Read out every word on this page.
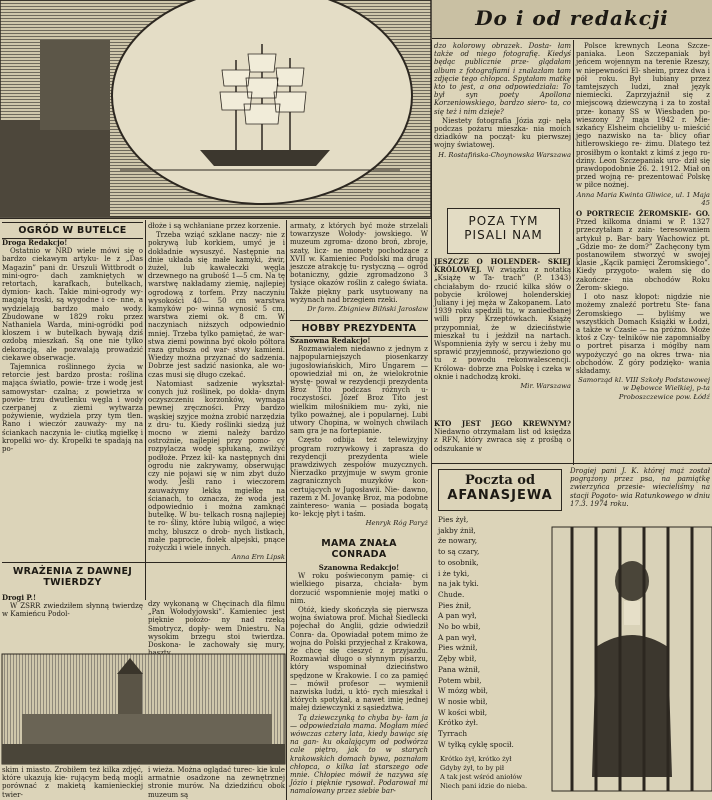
Do i od redakcji

dzo kolorowy obrazek. Dosta- łam także od niego fotografię. Kiedyś będąc publicznie prze- glądałam album z fotografiami i znalazłam tam zdjęcie tego chłopca. Spytałam matkę kto to jest, a ona odpowiedziała: To był syn poety Apollona Korzeniowskiego, bardzo siero- ta, co się też i nim dzieje?

Niestety fotografia Józia zgi- nęła podczas pożaru mieszka- nia moich dziadków na począt- ku pierwszej wojny światowej.

H. Rostafińska-Choynowska Warszawa

Polsce krewnych Leona Szcze- paniaka. Leon Szczepaniak był jeńcem wojennym na terenie Rzeszy, w niepewności El- sheim, przez dwa i pół roku. Był lubiany przez tamtejszych ludzi, znał język niemiecki. Zaprzyjaźnił się z miejscową dziewczyną i za to został prze- konany SS w Wiesbaden po- wieszony 27 maja 1942 r. Mie- szkańcy Elsheim chcieliby u- mieścić jego nazwisko na ta- blicy ofiar hitlerowskiego re- żimu. Dlatego też prosiłbym o kontakt z kimś z jego ro- dziny. Leon Szczepaniak uro- dził się prawdopodobnie 26. 2. 1912. Miał on przed wojną re- prezentować Polskę w piłce nożnej.

Anna Maria Kwinta Gliwice, ul. 1 Maja 45

O PORTRECIE ŻEROMSKIE- GO. Przed kilkoma dniami w P. 1327 przeczytałam z zain- teresowaniem artykuł p. Bar- bary Wachowicz pt. „Gdzie mo- że dom?” Zachęcony tym postanowiłem stworzyć w swojej klasie „Kącik pamięci Żeromskiego”. Kiedy przygoto- wałem się do zakończe- nia obchodów Roku Żerom- skiego.

I oto nasz kłopot: nigdzie nie możemy znaleźć portretu Ste- fana Żeromskiego — byliśmy we wszystkich Domach Książki w Łodzi, a także w Czasie — na próżno. Może ktoś z Czy- telników nie zapomniałby o portret pisarza i mógłby nam wypożyczyć go na okres trwa- nia obchodów. Z góry podzięko- wania składamy.

Samorząd kl. VIII Szkoły Podstawowej w Dębowce Wielkiej, p-ta Proboszczewice pow. Łódź
POZA TYM
PISALI NAM

JESZCZE O HOLENDER- SKIEJ KRÓLOWEJ. W związku z notatką „Książę w Ta- trach” (P. 1343) chciałabym do- rzucić kilka słów o pobycie królowej holenderskiej Juliany i jej męża w Zakopanem. Lato 1939 roku spędzili tu, w zaniedbanej willi przy Krzeptówkach. Książę przypomniał, że w dzieciństwie mieszkał tu i jeździł na nartach. Wspomnienia żyły w sercu i żeby mu sprawić przyjemność, przywieziono go tu z powodu rekonwalescencji. Królowa- dobrze zna Polskę i czeka w oknie i nadchodzą kroki.

Mir. Warszawa

KTO JEST JEGO KREWNYM? Niedawno otrzymałam list od księdza z RFN, który zwraca się z prośbą o odszukanie w

OGRÓD W BUTELCE
Droga Redakcjo!

Ostatnio w NRD wiele mówi się o bardzo ciekawym artyku- le z „Das Magazin” pani dr. Urszuli Wittbrodt o mini-ogro- dach zamkniętych w retortach, karafkach, butelkach, dymion- kach. Takie mini-ogrody wy- magają troski, są wygodne i ce- nne, a wydzielają bardzo mało wody. Zbudowane w 1829 roku przez Nathaniela Warda, mini-ogródki pod kloszem i w butelkach bywają dziś ozdobą mieszkań. Są one nie tylko dekoracją, ale pozwalają prowadzić ciekawe obserwacje.

Tajemnica roślinnego życia w retorcie jest bardzo prosta: roślina mająca światło, powie- trze i wodę jest samowystar- czalna; z powietrza w powie- trzu dwutlenku węgla i wody czerpanej z ziemi wytwarza pożywienie, wydziela przy tym tlen. Rano i wieczór zauważy- my na ściankach naczynia le- ciutką mgiełkę i kropelki wo- dy. Kropelki te spadają na po-

dłoże i są wchłaniane przez korzenie.

Trzeba wziąć szklane naczy- nie z pokrywą lub korkiem, umyć je i dokładnie wysuszyć. Następnie na dnie układa się małe kamyki, żwir, żużel, lub kawałeczki węgla drzewnego na grubość 1—5 cm. Na tę warstwę nakładamy ziemię, najlepiej ogrodową z torfem. Przy naczyniu wysokości 40— 50 cm warstwa kamyków po- winna wynosić 5 cm, warstwa ziemi ok. 8 cm. W naczyniach niższych odpowiednio mniej. Trzeba tylko pamiętać, że war- stwa ziemi powinna być około półtora raza grubsza od war- stwy kamieni. Wiedzy można przyznać do sadzenia. Dobrze jest sadzić nasionka, ale wo- czas musi się długo czekać.

Natomiast sadzenie wykształ- conych już roślinek, po dokła- dnym oczyszczeniu korzonków, wymaga pewnej zręczności. Przy bardzo wąskiej szyjce można zrobić narzędzia z dru- tu. Kiedy roślinki siedzą już mocno w ziemi należy bardzo ostrożnie, najlepiej przy pomo- cy rozpylacza wodę spłukaną, zwilżyć podłoże. Przez kil- ka następnych dni ogrodu nie zakrywamy, obserwując czy nie pojawi się w nim zbyt dużo wody. Jeśli rano i wieczorem zauważymy lekką mgiełkę na ścianach, to oznacza, że woda jest odpowiednio i można zamknąć butelkę. W bu- telkach rosną najlepiej te ro- śliny, które lubią wilgoć, a więc mchy, bluszcz o drob- nych listkach, małe paprocie, fiołek alpejski, pnące rożyczki i wiele innych.

Anna Ern Lipsk

armaty, z których być może strzelali towarzysze Wołody- jowskiego. W muzeum zgroma- dzono broń, zbroje, szaty, licz- ne monety pochodzące z XVII w. Kamieniec Podolski ma druga jeszcze atrakcję tu- rystyczną — ogród botaniczny, gdzie zgromadzono 3 tysiące okazów roślin z całego świata. Także piękny park usytuowany na wyżynach nad brzegiem rzeki.

Dr farm. Zbigniew Bilński Jarosław
HOBBY PREZYDENTA
Szanowna Redakcjo!

Rozmawiałem niedawno z jednym z najpopularniejszych piosenkarzy jugosłowiańskich, Miro Ungarem — opowiedział mi on, że wielokrotnie wystę- pował w rezydencji prezydenta Broz Tito podczas różnych u- roczystości. Józef Broz Tito jest wielkim miłośnikiem mu- zyki, nie tylko poważnej, ale i popularnej. Lubi utwory Chopina, w wolnych chwilach sam gra je na fortepianie.

Często odbija też telewizyjny program rozrywkowy i zaprasza do rezydencji prezydenta wiele prawdziwych zespołów muzycznych. Nierzadko przyjmuje w swym gronie zagranicznych muzyków kon- certujących w Jugosławii. Nie- dawno, razem z M. Jovankę Broz, ma podobne zaintereso- wania — posiada bogatą ko- lekcję płyt i taśm.

Henryk Róg Paryż
MAMA ZNAŁA
CONRADA
Szanowna Redakcjo!

W roku poświeconym pamię- ci wielkiego pisarza, chciała- bym dorzucić wspomnienie mojej matki o nim.

Otóż, kiedy skończyła się pierwsza wojna światowa prof. Michał Siedlecki pojechał do Anglii, gdzie odwiedził Conra- da. Opowiadał potem mimo że wojna do Polski przyjechał z Krakowa, że chcę się cieszyć z przyjazdu. Rozmawiał długo o słynnym pisarzu, który wspominał dzieciństwo spędzone w Krakowie. I co za pamięć — mówił profesor — wymienił nazwiska ludzi, u któ- rych mieszkał i których spotykał, a nawet imię jednej małej dziewczynki z sąsiedztwa.

Tą dziewczynką to chyba by- łam ja — odpowiedziała mama. Mogłam mieć wówczas cztery lata, kiedy bawiąc się na gan- ku okalającym od podwórza cale piętro, jak to w starych krakowskich domach bywa, poznałam chłopca, o kilka lat starszego ode mnie. Chłopiec mówił że nazywa się Józio i pięknie rysował. Podarował mi namalowany przez siebie bar-

WRAŻENIA Z DAWNEJ
TWIERDZY
Drogi P.!

W ZSRR zwiedziłem słynną twierdzę w Kamieńcu Podol-

dzy wykonaną w Chęcinach dla filmu „Pan Wołodyjowski”. Kamieniec jest pięknie położo- ny nad rzeką Smotrycz, dopły- wem Dniestru. Na wysokim brzegu stoi twierdza. Doskona- le zachowały się mury,

skim i miasto. Zrobiłem też kilka zdjęć, które ukazują kie- rującym bedą mogli porównać z makietą kamienieckiej twier-

i wieża. Można oglądać turec- kie kule armatnie osadzone na zewnętrznej stronie murów. Na dziedzińcu obok muzeum są

Poczta od
AFANASJEWA

Drogiej pani J. K. której mąż został pogrążony przez psa, na pamiątkę zwierzyńca przesie- wiecieliśmy na stacji Pogoto- wia Ratunkowego w dniu 17.3. 1974 roku.

Pies żył,
jakby żnił,
że nowary,
to są czary,
to osobnik,
i że tyki,
na jak tyki.
Chude.
Pies żnił,
A pan wył,
No bo wbił,
A pan wył,
Pies wżnił,
Zęby wbił,
Pana wżnił,
Potem wbił,
W mózg wbił,
W nosie wbił,
W kości wbił,
Krótko żył.
Tyrrach
W tyłką cyklę spocił.
Krótko żył, krótko żył
Gdyby żył, to by pił
A tak jest wśród aniołów
Niech pani idzie do nieba.
